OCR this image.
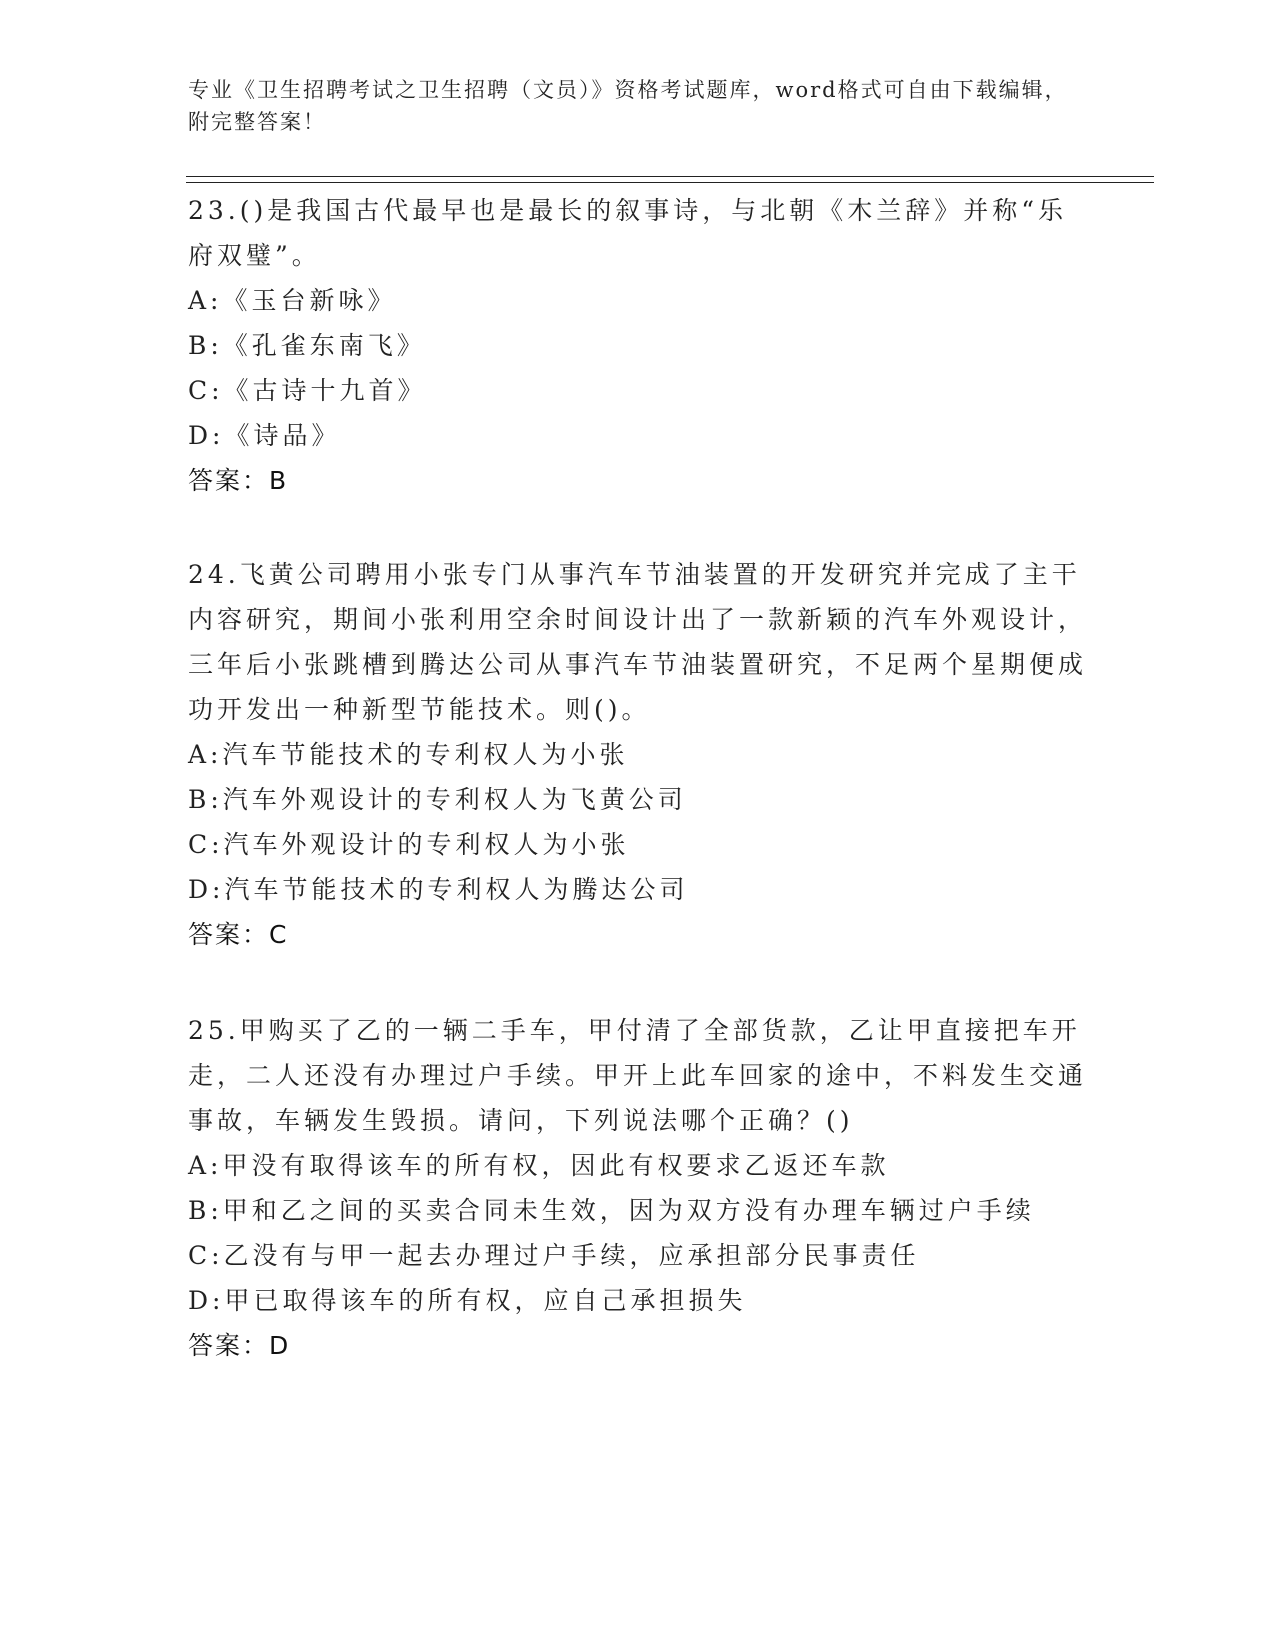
专业《卫生招聘考试之卫生招聘（文员）》资格考试题库，word格式可自由下载编辑，附完整答案！

23.()是我国古代最早也是最长的叙事诗，与北朝《木兰辞》并称“乐府双璧”。

A:《玉台新咏》

B:《孔雀东南飞》

C:《古诗十九首》

D:《诗品》

答案：B

24.飞黄公司聘用小张专门从事汽车节油装置的开发研究并完成了主干内容研究，期间小张利用空余时间设计出了一款新颖的汽车外观设计，三年后小张跳槽到腾达公司从事汽车节油装置研究，不足两个星期便成功开发出一种新型节能技术。则()。

A:汽车节能技术的专利权人为小张

B:汽车外观设计的专利权人为飞黄公司

C:汽车外观设计的专利权人为小张

D:汽车节能技术的专利权人为腾达公司

答案：C

25.甲购买了乙的一辆二手车，甲付清了全部货款，乙让甲直接把车开走，二人还没有办理过户手续。甲开上此车回家的途中，不料发生交通事故，车辆发生毁损。请问，下列说法哪个正确？()

A:甲没有取得该车的所有权，因此有权要求乙返还车款

B:甲和乙之间的买卖合同未生效，因为双方没有办理车辆过户手续

C:乙没有与甲一起去办理过户手续，应承担部分民事责任

D:甲已取得该车的所有权，应自己承担损失

答案：D
